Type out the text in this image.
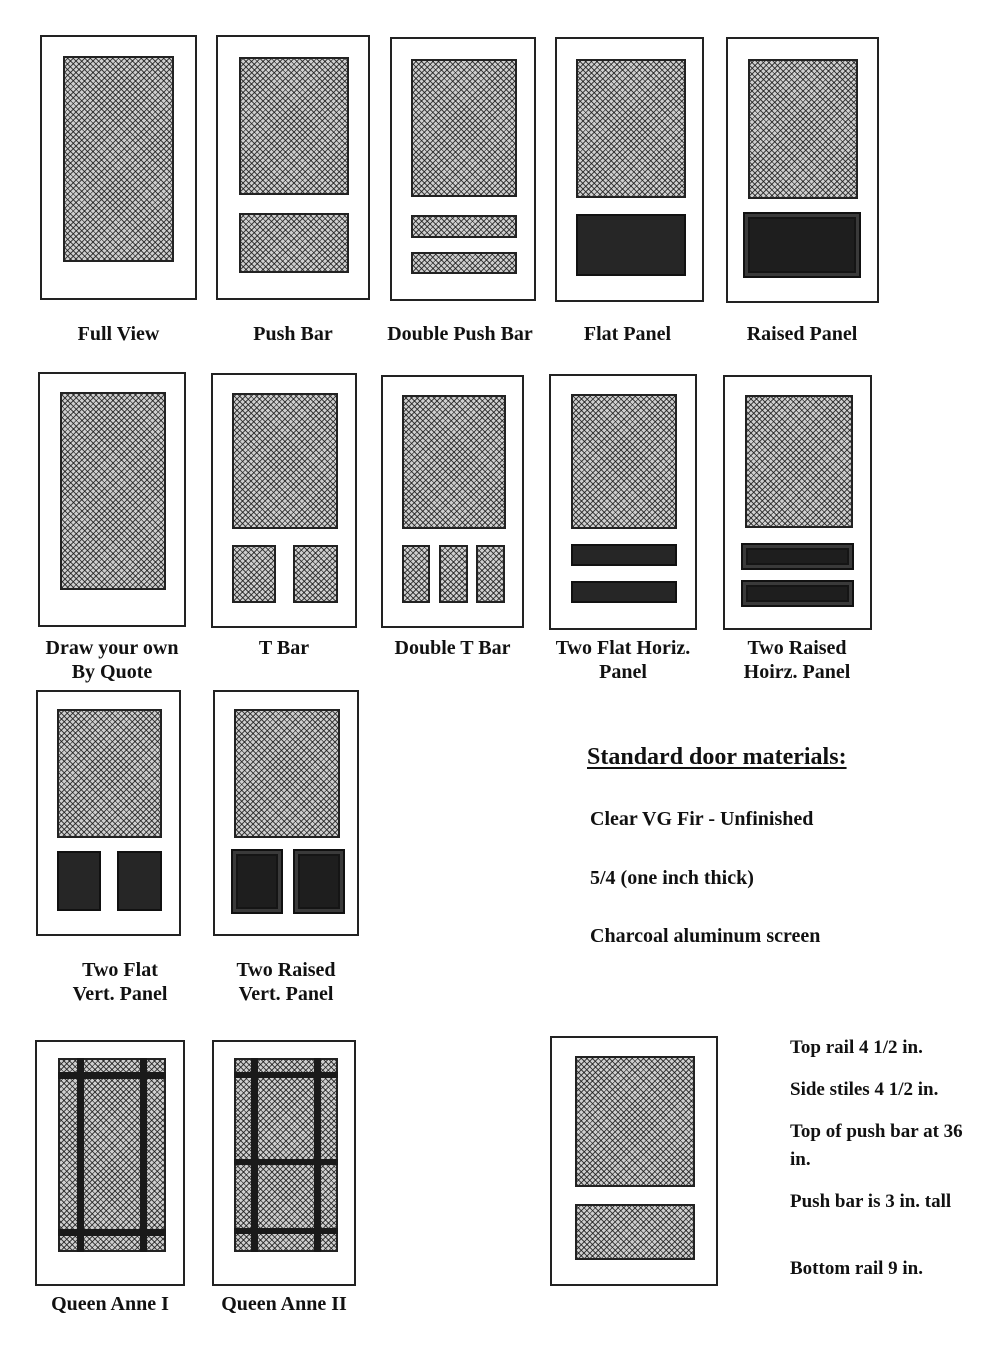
Full View	Push Bar	Double Push Bar	Flat Panel	Raised Panel
Draw your own
By Quote
T Bar	Double T Bar	Two Flat Horiz.
Panel
Two Raised
Hoirz. Panel
Two Flat
Vert. Panel
Two Raised
Vert. Panel
Standard door materials:
Clear VG Fir - Unfinished
5/4 (one inch thick)
Charcoal aluminum screen
Queen Anne I	Queen Anne II
Top rail 4 1/2 in.
Side stiles 4 1/2 in.
Top of push bar at 36 in.
Push bar is 3 in. tall
Bottom rail 9 in.
